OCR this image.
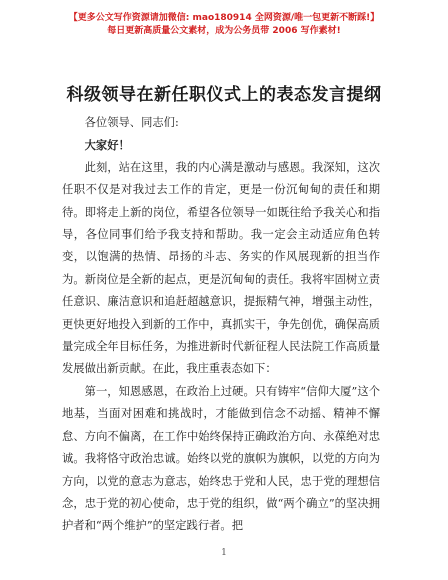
【更多公文写作资源请加微信: mao180914 全网资源/唯一包更新不断踩!】
每日更新高质量公文素材，成为公务员带 2006 写作素材!
科级领导在新任职仪式上的表态发言提纲

各位领导、同志们:

大家好！

此刻，站在这里，我的内心满是激动与感恩。我深知，这次任职不仅是对我过去工作的肯定，更是一份沉甸甸的责任和期待。即将走上新的岗位，希望各位领导一如既往给予我关心和指导，各位同事们给予我支持和帮助。我一定会主动适应角色转变，以饱满的热情、昂扬的斗志、务实的作风展现新的担当作为。新岗位是全新的起点，更是沉甸甸的责任。我将牢固树立责任意识、廉洁意识和追赶超越意识，提振精气神，增强主动性，更快更好地投入到新的工作中，真抓实干，争先创优，确保高质量完成全年目标任务，为推进新时代新征程人民法院工作高质量发展做出新贡献。在此，我庄重表态如下：

第一，知恩感恩，在政治上过硬。只有铸牢“信仰大厦”这个地基，当面对困难和挑战时，才能做到信念不动摇、精神不懈怠、方向不偏离，在工作中始终保持正确政治方向、永葆绝对忠诚。我将恪守政治忠诚。始终以党的旗帜为旗帜，以党的方向为方向，以党的意志为意志，始终忠于党和人民，忠于党的理想信念，忠于党的初心使命，忠于党的组织，做“两个确立”的坚决拥护者和“两个维护”的坚定践行者。把

1
